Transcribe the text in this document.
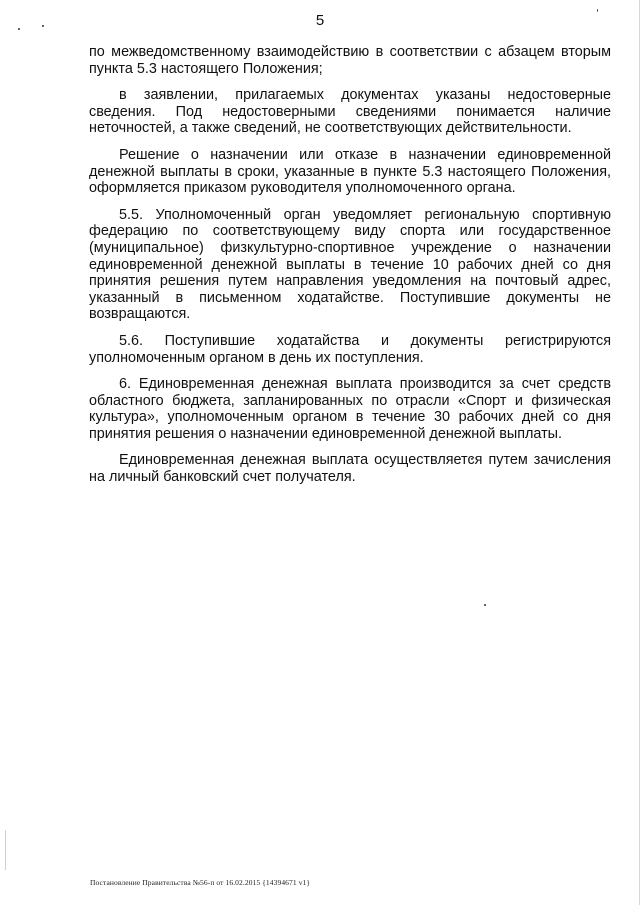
5

по межведомственному взаимодействию в соответствии с абзацем вторым пункта 5.3 настоящего Положения;

в заявлении, прилагаемых документах указаны недостоверные сведения. Под недостоверными сведениями понимается наличие неточностей, а также сведений, не соответствующих действительности.

Решение о назначении или отказе в назначении единовременной денежной выплаты в сроки, указанные в пункте 5.3 настоящего Положения, оформляется приказом руководителя уполномоченного органа.

5.5. Уполномоченный орган уведомляет региональную спортивную федерацию по соответствующему виду спорта или государственное (муниципальное) физкультурно-спортивное учреждение о назначении единовременной денежной выплаты в течение 10 рабочих дней со дня принятия решения путем направления уведомления на почтовый адрес, указанный в письменном ходатайстве. Поступившие документы не возвращаются.

5.6. Поступившие ходатайства и документы регистрируются уполномоченным органом в день их поступления.

6. Единовременная денежная выплата производится за счет средств областного бюджета, запланированных по отрасли «Спорт и физическая культура», уполномоченным органом в течение 30 рабочих дней со дня принятия решения о назначении единовременной денежной выплаты.

Единовременная денежная выплата осуществляется путем зачисления на личный банковский счет получателя.

Постановление Правительства №56-п от 16.02.2015 {14394671 v1}
